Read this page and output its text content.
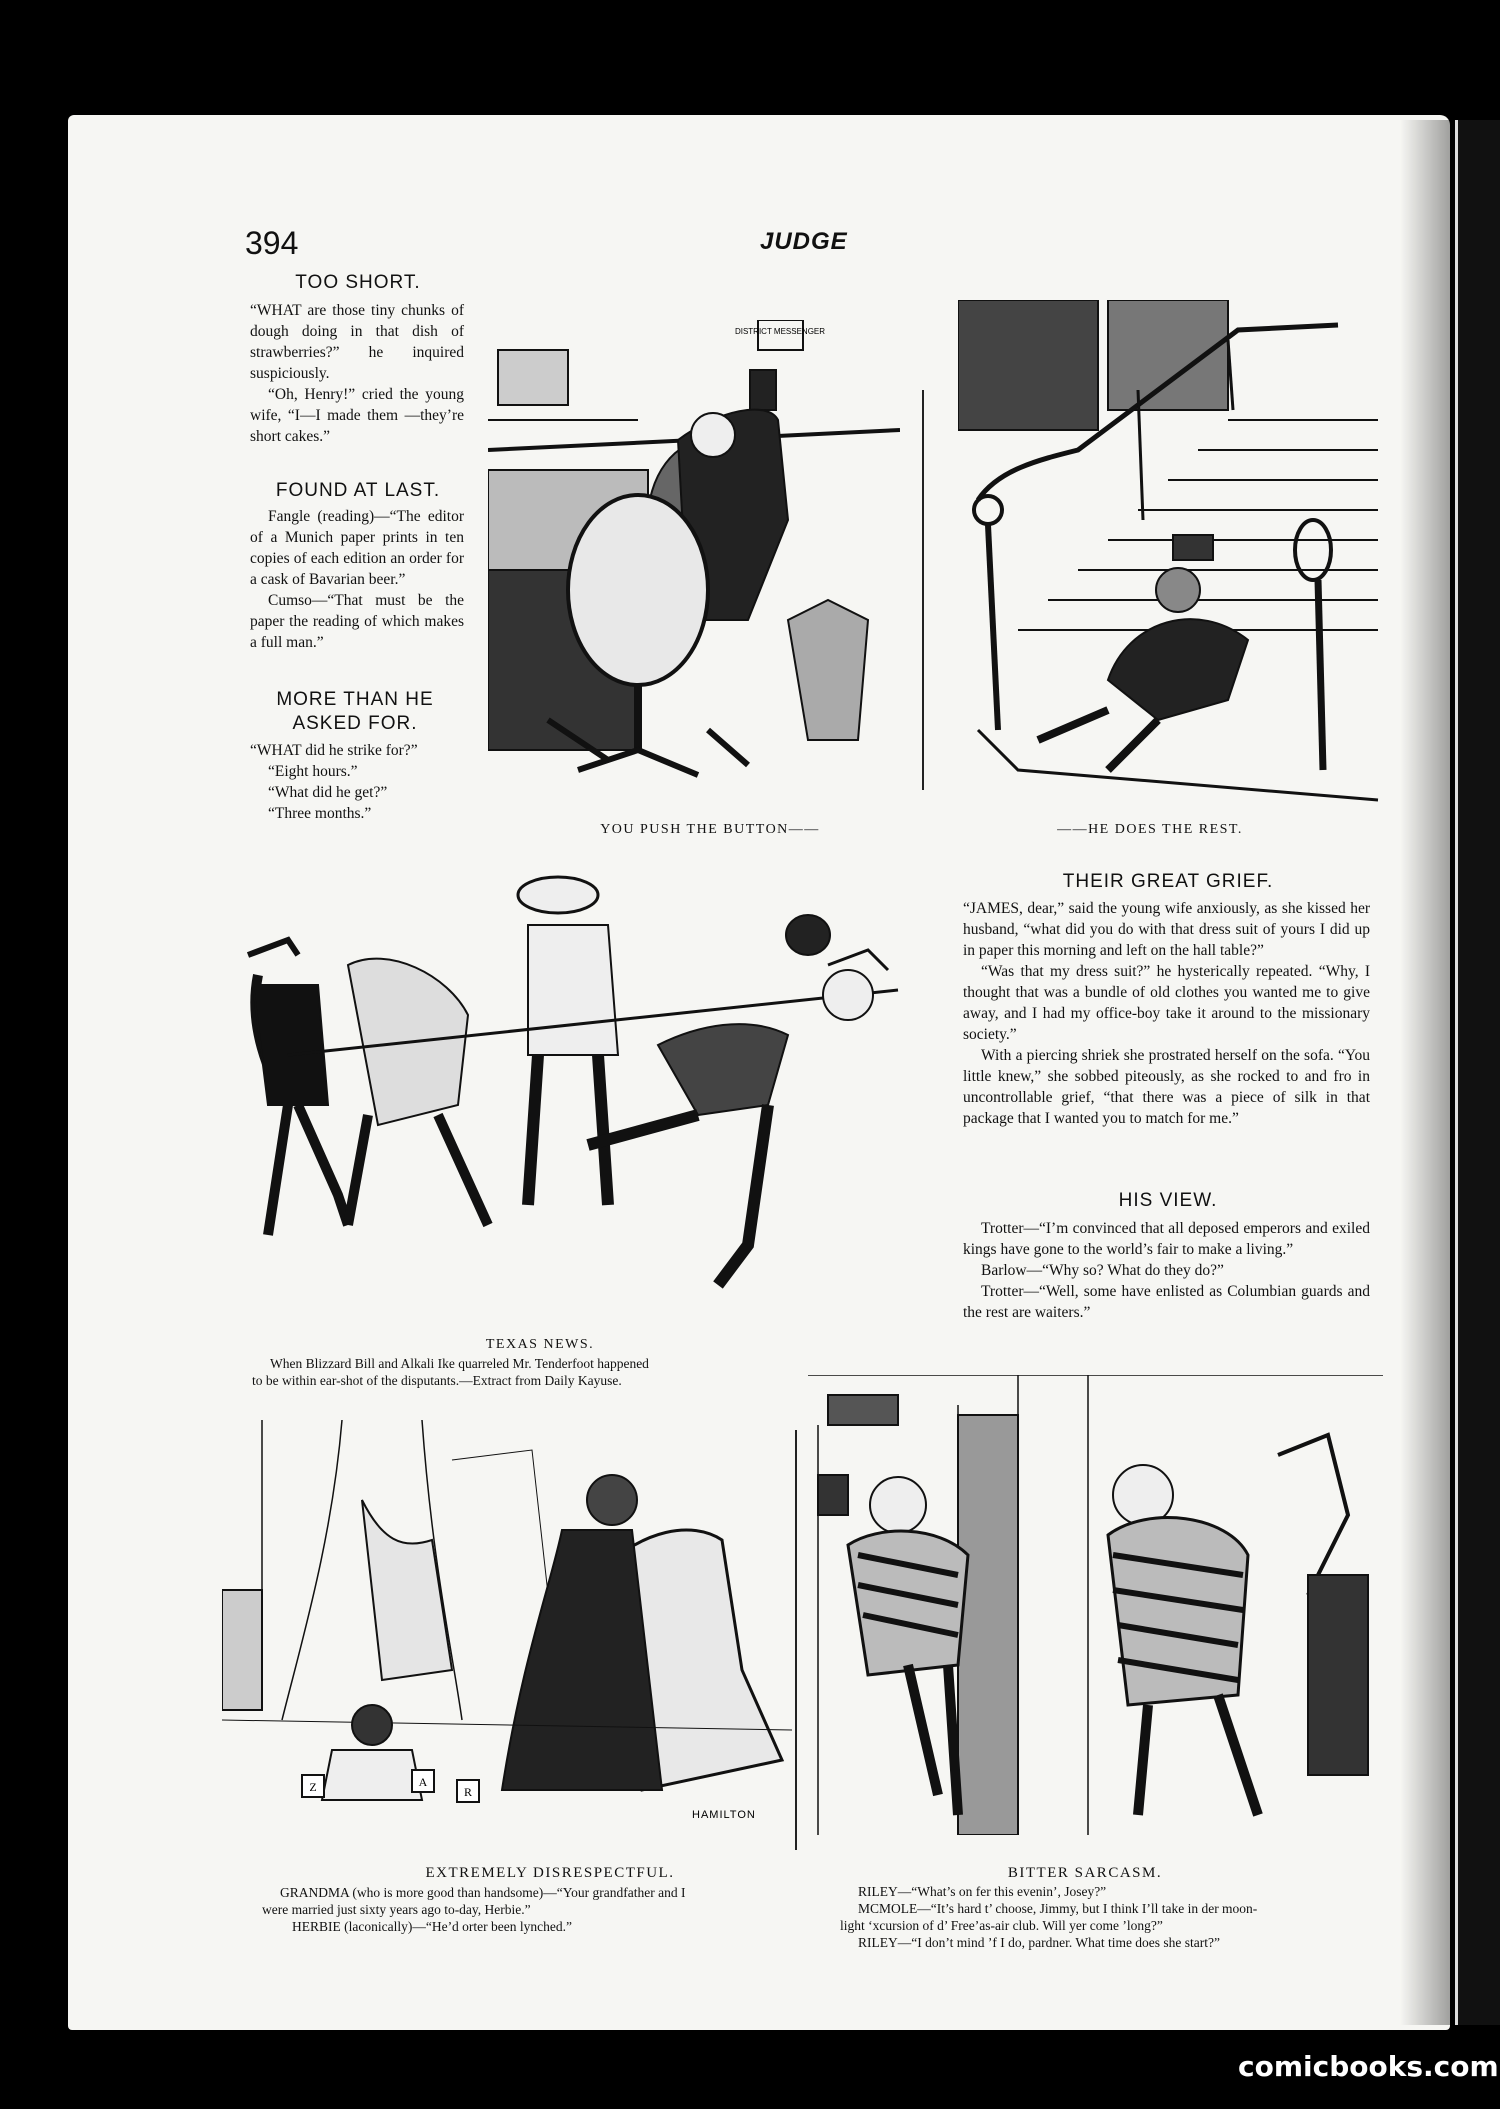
394	JUDGE
TOO SHORT.

“WHAT are those tiny chunks of dough doing in that dish of strawberries?” he inquired suspiciously.

“Oh, Henry!” cried the young wife, “I—I made them —they’re short cakes.”

FOUND AT LAST.

Fangle (reading)—“The editor of a Munich paper prints in ten copies of each edition an order for a cask of Bavarian beer.”

Cumso—“That must be the paper the reading of which makes a full man.”

MORE THAN HE ASKED FOR.

“WHAT did he strike for?”

“Eight hours.”

“What did he get?”

“Three months.”

DISTRICT MESSENGER
YOU PUSH THE BUTTON——	——HE DOES THE REST.
THEIR GREAT GRIEF.

“JAMES, dear,” said the young wife anxiously, as she kissed her husband, “what did you do with that dress suit of yours I did up in paper this morning and left on the hall table?”

“Was that my dress suit?” he hysterically repeated. “Why, I thought that was a bundle of old clothes you wanted me to give away, and I had my office-boy take it around to the missionary society.”

With a piercing shriek she prostrated herself on the sofa. “You little knew,” she sobbed piteously, as she rocked to and fro in uncontrollable grief, “that there was a piece of silk in that package that I wanted you to match for me.”

HIS VIEW.

Trotter—“I’m convinced that all deposed emperors and exiled kings have gone to the world’s fair to make a living.”

Barlow—“Why so? What do they do?”

Trotter—“Well, some have enlisted as Columbian guards and the rest are waiters.”

TEXAS NEWS.

When Blizzard Bill and Alkali Ike quarreled Mr. Tenderfoot happened

to be within ear-shot of the disputants.—Extract from Daily Kayuse.

Z	A
R
HAMILTON
EXTREMELY DISRESPECTFUL.

GRANDMA (who is more good than handsome)—“Your grandfather and I

were married just sixty years ago to-day, Herbie.”

HERBIE (laconically)—“He’d orter been lynched.”

BITTER SARCASM.

RILEY—“What’s on fer this evenin’, Josey?”

MCMOLE—“It’s hard t’ choose, Jimmy, but I think I’ll take in der moon-

light ‘xcursion of d’ Free’as-air club. Will yer come ’long?”

RILEY—“I don’t mind ’f I do, pardner. What time does she start?”

comicbooks.com
